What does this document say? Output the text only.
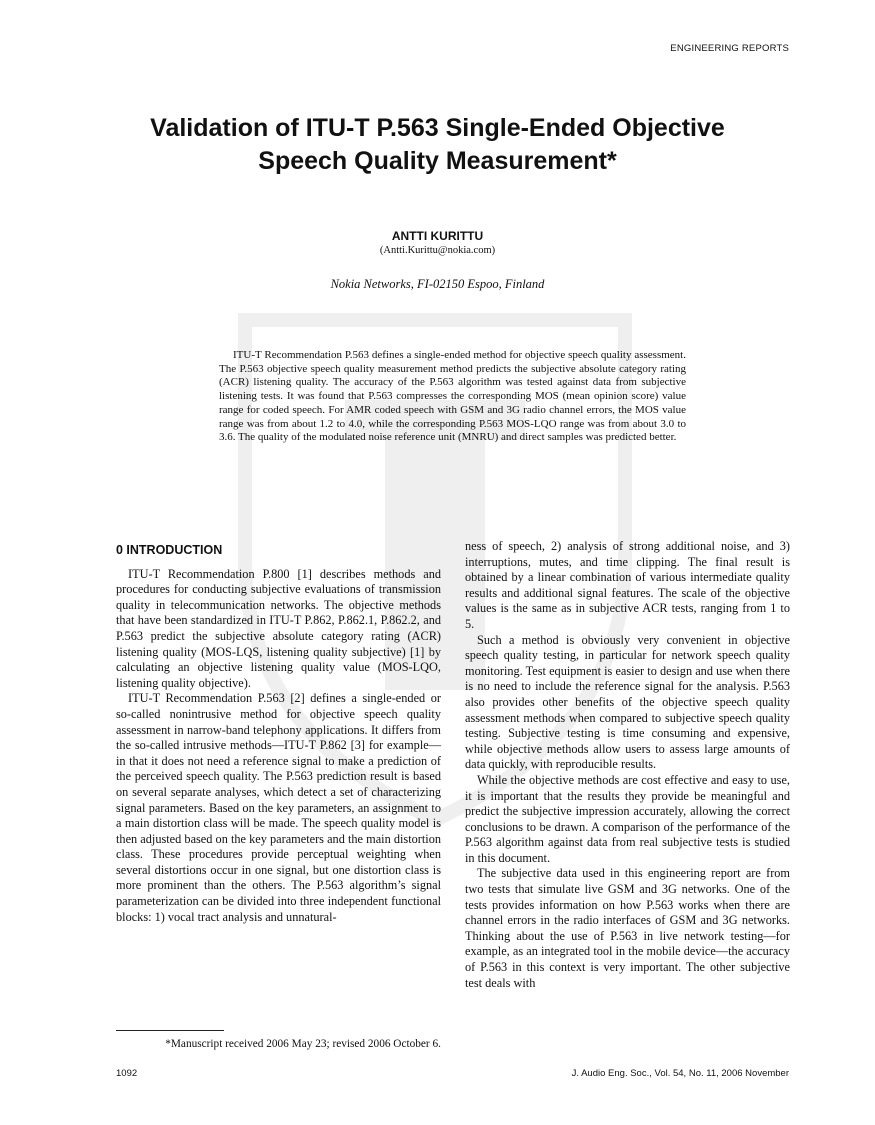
ENGINEERING REPORTS
Validation of ITU-T P.563 Single-Ended Objective
Speech Quality Measurement*
ANTTI KURITTU
(Antti.Kurittu@nokia.com)
Nokia Networks, FI-02150 Espoo, Finland

ITU-T Recommendation P.563 defines a single-ended method for objective speech quality assessment. The P.563 objective speech quality measurement method predicts the subjective absolute category rating (ACR) listening quality. The accuracy of the P.563 algorithm was tested against data from subjective listening tests. It was found that P.563 compresses the corresponding MOS (mean opinion score) value range for coded speech. For AMR coded speech with GSM and 3G radio channel errors, the MOS value range was from about 1.2 to 4.0, while the corresponding P.563 MOS-LQO range was from about 3.0 to 3.6. The quality of the modulated noise reference unit (MNRU) and direct samples was predicted better.

0 INTRODUCTION

ITU-T Recommendation P.800 [1] describes methods and procedures for conducting subjective evaluations of transmission quality in telecommunication networks. The objective methods that have been standardized in ITU-T P.862, P.862.1, P.862.2, and P.563 predict the subjective absolute category rating (ACR) listening quality (MOS-LQS, listening quality subjective) [1] by calculating an objective listening quality value (MOS-LQO, listening quality objective).

ITU-T Recommendation P.563 [2] defines a single-ended or so-called nonintrusive method for objective speech quality assessment in narrow-band telephony applications. It differs from the so-called intrusive methods—ITU-T P.862 [3] for example—in that it does not need a reference signal to make a prediction of the perceived speech quality. The P.563 prediction result is based on several separate analyses, which detect a set of characterizing signal parameters. Based on the key parameters, an assignment to a main distortion class will be made. The speech quality model is then adjusted based on the key parameters and the main distortion class. These procedures provide perceptual weighting when several distortions occur in one signal, but one distortion class is more prominent than the others. The P.563 algorithm’s signal parameterization can be divided into three independent functional blocks: 1) vocal tract analysis and unnatural-

ness of speech, 2) analysis of strong additional noise, and 3) interruptions, mutes, and time clipping. The final result is obtained by a linear combination of various intermediate quality results and additional signal features. The scale of the objective values is the same as in subjective ACR tests, ranging from 1 to 5.

Such a method is obviously very convenient in objective speech quality testing, in particular for network speech quality monitoring. Test equipment is easier to design and use when there is no need to include the reference signal for the analysis. P.563 also provides other benefits of the objective speech quality assessment methods when compared to subjective speech quality testing. Subjective testing is time consuming and expensive, while objective methods allow users to assess large amounts of data quickly, with reproducible results.

While the objective methods are cost effective and easy to use, it is important that the results they provide be meaningful and predict the subjective impression accurately, allowing the correct conclusions to be drawn. A comparison of the performance of the P.563 algorithm against data from real subjective tests is studied in this document.

The subjective data used in this engineering report are from two tests that simulate live GSM and 3G networks. One of the tests provides information on how P.563 works when there are channel errors in the radio interfaces of GSM and 3G networks. Thinking about the use of P.563 in live network testing—for example, as an integrated tool in the mobile device—the accuracy of P.563 in this context is very important. The other subjective test deals with

*Manuscript received 2006 May 23; revised 2006 October 6.
1092	J. Audio Eng. Soc., Vol. 54, No. 11, 2006 November
